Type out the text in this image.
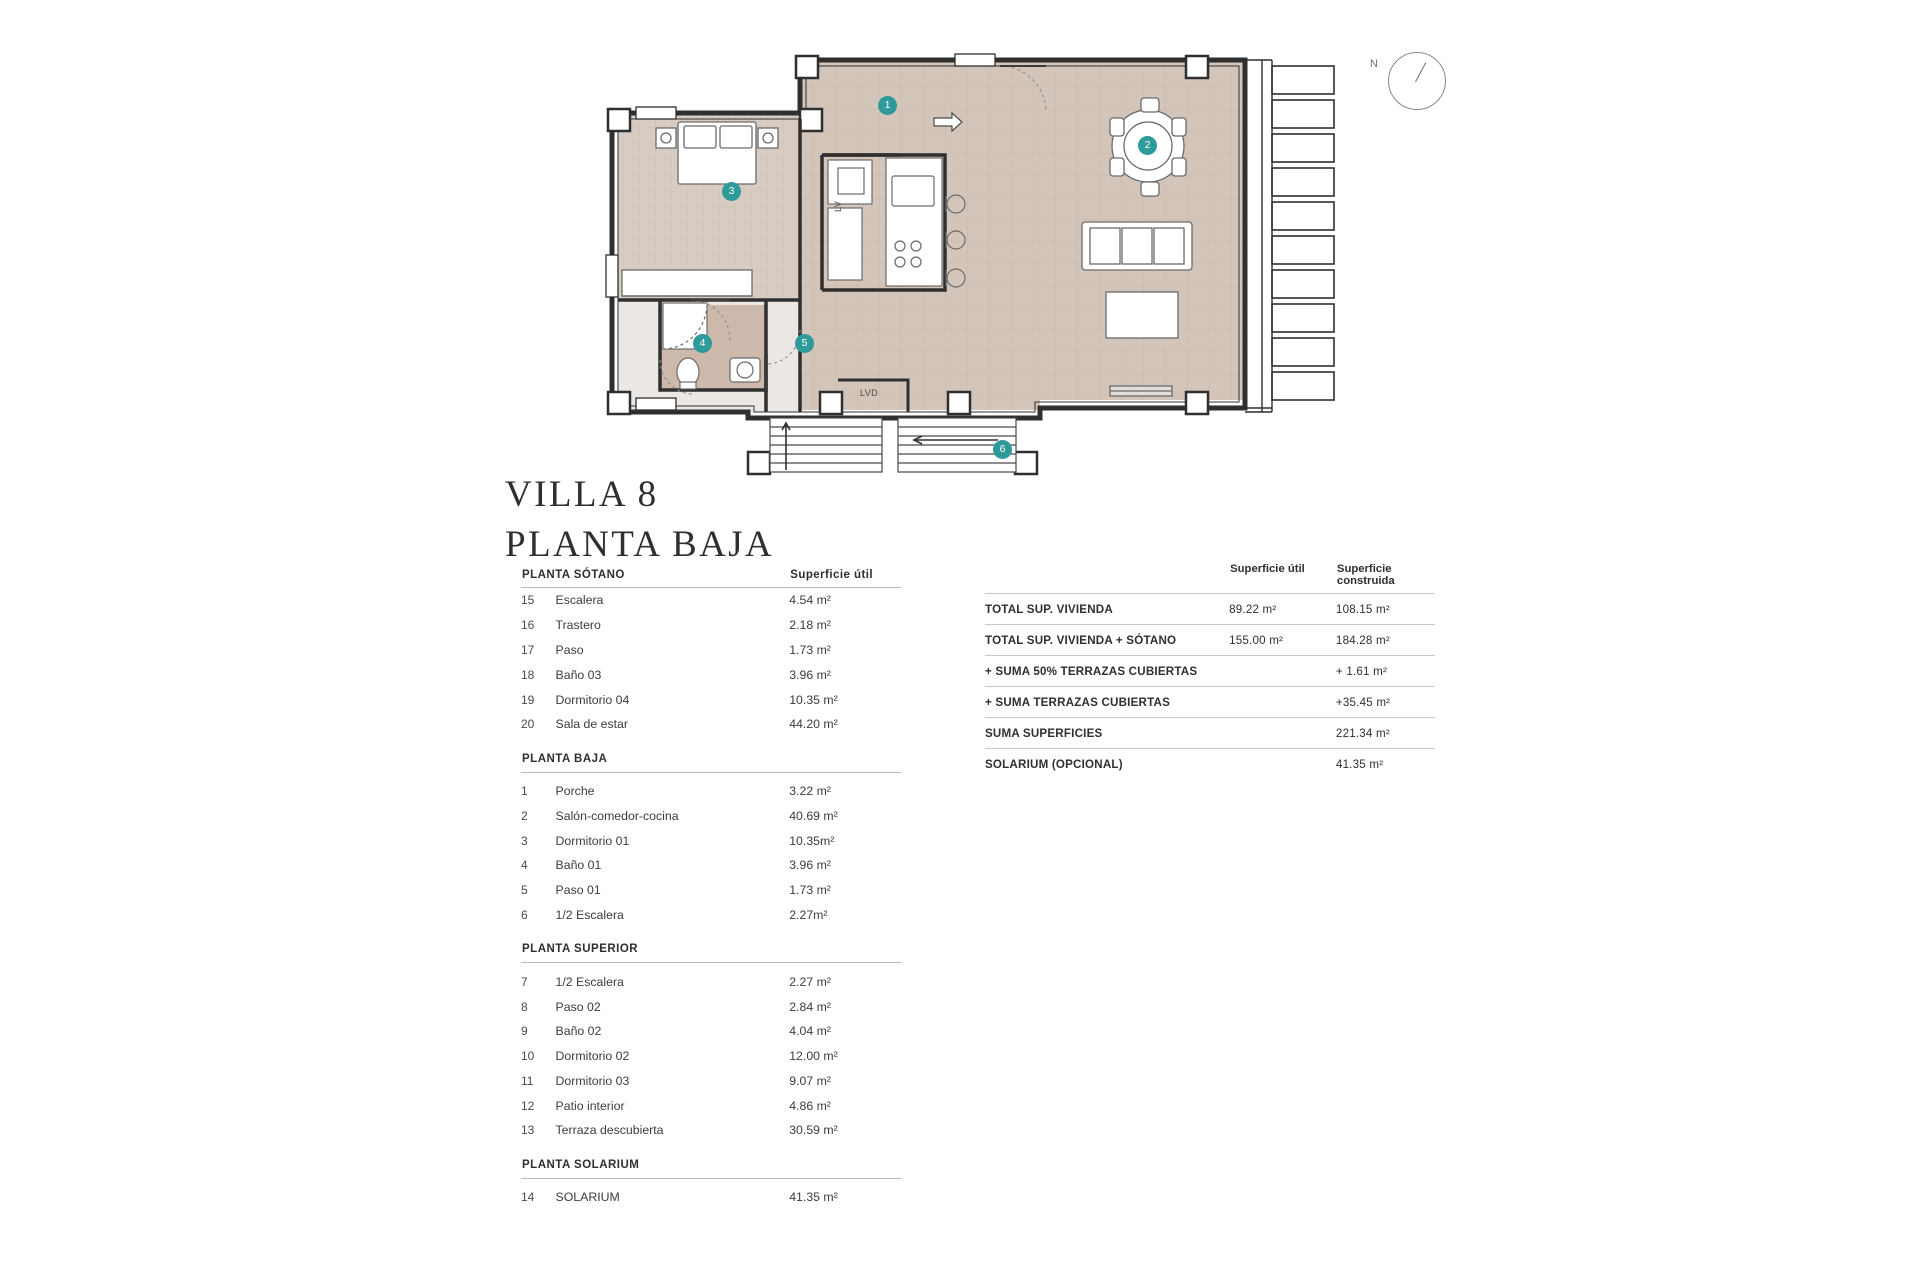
LV
LVD
1
2
3
4	5
6
N
VILLA 8
PLANTA BAJA
PLANTA SÓTANO		Superficie útil

15	Escalera	4.54 m²
16	Trastero	2.18 m²
17	Paso	1.73 m²
18	Baño 03	3.96 m²
19	Dormitorio 04	10.35 m²
20	Sala de estar	44.20 m²
PLANTA BAJA		

1	Porche	3.22 m²
2	Salón-comedor-cocina	40.69 m²
3	Dormitorio 01	10.35m²
4	Baño 01	3.96 m²
5	Paso 01	1.73 m²
6	1/2 Escalera	2.27m²
PLANTA SUPERIOR		

7	1/2 Escalera	2.27 m²
8	Paso 02	2.84 m²
9	Baño 02	4.04 m²
10	Dormitorio 02	12.00 m²
11	Dormitorio 03	9.07 m²
12	Patio interior	4.86 m²
13	Terraza descubierta	30.59 m²
PLANTA SOLARIUM		

14	SOLARIUM	41.35 m²
	Superficie útil	Superficie construida

TOTAL SUP. VIVIENDA	89.22 m²	108.15 m²

TOTAL SUP. VIVIENDA + SÓTANO	155.00 m²	184.28 m²

+ SUMA 50% TERRAZAS CUBIERTAS		+ 1.61 m²

+ SUMA TERRAZAS CUBIERTAS		+35.45 m²

SUMA SUPERFICIES		221.34 m²

SOLARIUM (OPCIONAL)		41.35 m²
